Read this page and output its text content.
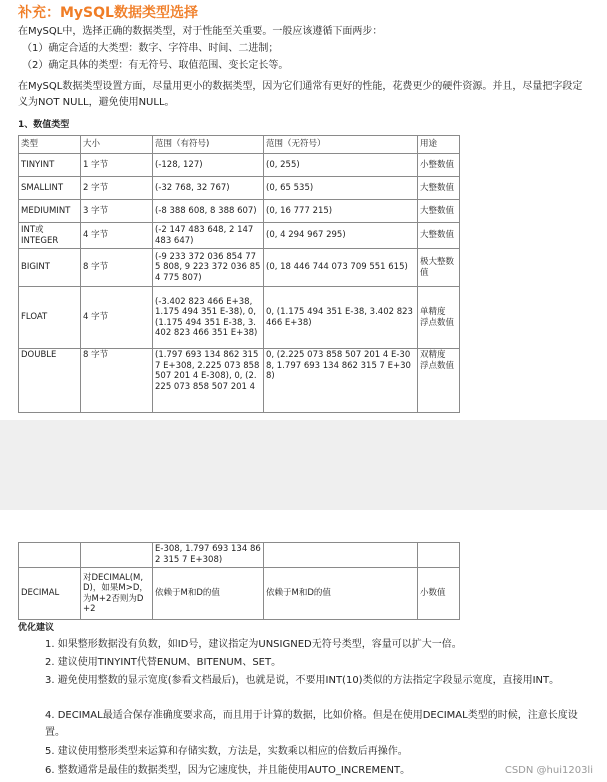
补充：MySQL数据类型选择
在MySQL中，选择正确的数据类型，对于性能至关重要。一般应该遵循下面两步：
（1）确定合适的大类型：数字、字符串、时间、二进制；
（2）确定具体的类型：有无符号、取值范围、变长定长等。
在MySQL数据类型设置方面，尽量用更小的数据类型，因为它们通常有更好的性能，花费更少的硬件资源。并且，尽量把字段定义为NOT NULL，避免使用NULL。
1、数值类型
类型	大小	范围（有符号)	范围（无符号）	用途
TINYINT	1 字节	(-128, 127)	(0, 255)	小整数值
SMALLINT	2 字节	(-32 768, 32 767)	(0, 65 535)	大整数值
MEDIUMINT	3 字节	(-8 388 608, 8 388 607)	(0, 16 777 215)	大整数值
INT或
INTEGER	4 字节	(-2 147 483 648, 2 147 483 647)	(0, 4 294 967 295)	大整数值
BIGINT	8 字节	(-9 233 372 036 854 775 808, 9 223 372 036 854 775 807)	(0, 18 446 744 073 709 551 615)	极大整数值
FLOAT	4 字节	(-3.402 823 466 E+38, 1.175 494 351 E-38), 0, (1.175 494 351 E-38, 3.402 823 466 351 E+38)	0, (1.175 494 351 E-38, 3.402 823 466 E+38)	单精度
浮点数值
DOUBLE	8 字节	(1.797 693 134 862 315 7 E+308, 2.225 073 858 507 201 4 E-308), 0, (2.225 073 858 507 201 4	0, (2.225 073 858 507 201 4 E-308, 1.797 693 134 862 315 7 E+308)	双精度
浮点数值
		E-308, 1.797 693 134 862 315 7 E+308)		
DECIMAL	对DECIMAL(M,D)，如果M>D，为M+2否则为D+2	依赖于M和D的值	依赖于M和D的值	小数值
优化建议
1. 如果整形数据没有负数，如ID号，建议指定为UNSIGNED无符号类型，容量可以扩大一倍。
2. 建议使用TINYINT代替ENUM、BITENUM、SET。
3. 避免使用整数的显示宽度(参看文档最后)，也就是说，不要用INT(10)类似的方法指定字段显示宽度，直接用INT。
4. DECIMAL最适合保存准确度要求高，而且用于计算的数据，比如价格。但是在使用DECIMAL类型的时候，注意长度设置。
5. 建议使用整形类型来运算和存储实数，方法是，实数乘以相应的倍数后再操作。
6. 整数通常是最佳的数据类型，因为它速度快，并且能使用AUTO_INCREMENT。	CSDN @hui1203li
